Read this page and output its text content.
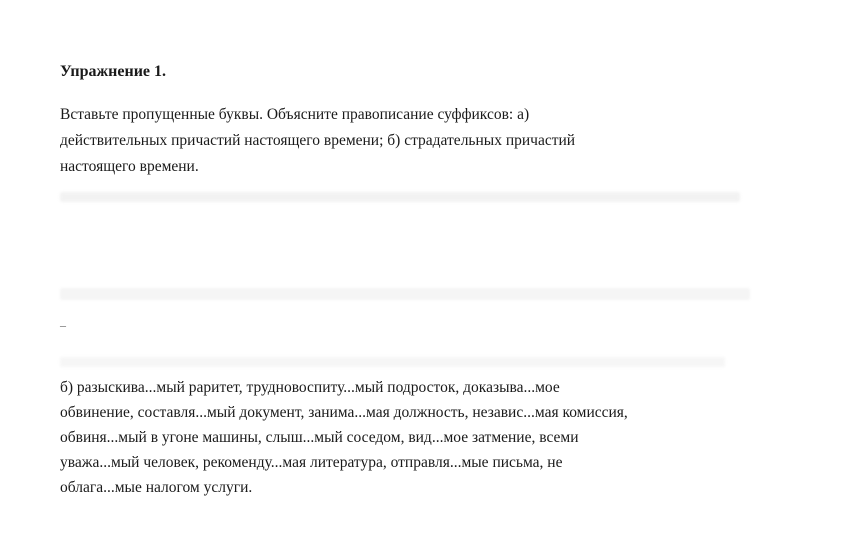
Упражнение 1.

Вставьте пропущенные буквы. Объясните правописание суффиксов: а)

действительных причастий настоящего времени; б) страдательных причастий

настоящего времени.

–

б) разыскива...мый раритет, трудновоспиту...мый подросток, доказыва...мое

обвинение, составля...мый документ, занима...мая должность, независ...мая комиссия,

обвиня...мый в угоне машины, слыш...мый соседом, вид...мое затмение, всеми

уважа...мый человек, рекоменду...мая литература, отправля...мые письма, не

облага...мые налогом услуги.
